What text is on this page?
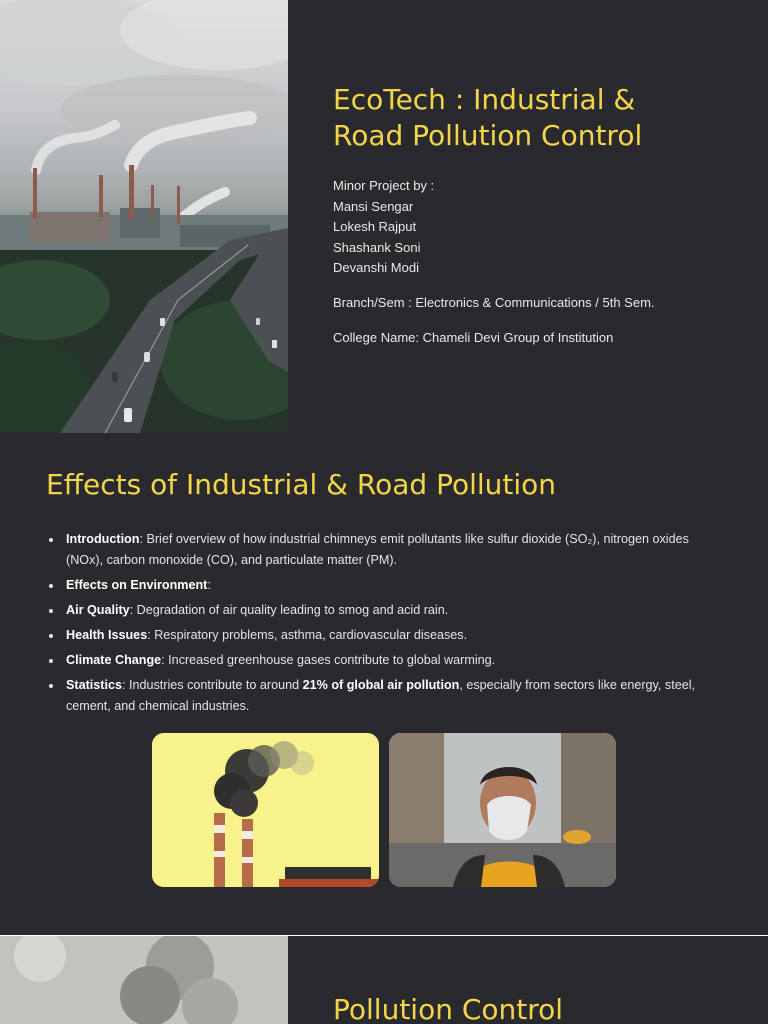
EcoTech : Industrial &
Road Pollution Control
Minor Project by :
Mansi Sengar
Lokesh Rajput
Shashank Soni
Devanshi Modi
Branch/Sem : Electronics & Communications / 5th Sem.
College Name: Chameli Devi Group of Institution
Effects of Industrial & Road Pollution
Introduction: Brief overview of how industrial chimneys emit pollutants like sulfur dioxide (SO₂), nitrogen oxides (NOx), carbon monoxide (CO), and particulate matter (PM).
Effects on Environment:
Air Quality: Degradation of air quality leading to smog and acid rain.
Health Issues: Respiratory problems, asthma, cardiovascular diseases.
Climate Change: Increased greenhouse gases contribute to global warming.
Statistics: Industries contribute to around 21% of global air pollution, especially from sectors like energy, steel, cement, and chemical industries.
Pollution Control
